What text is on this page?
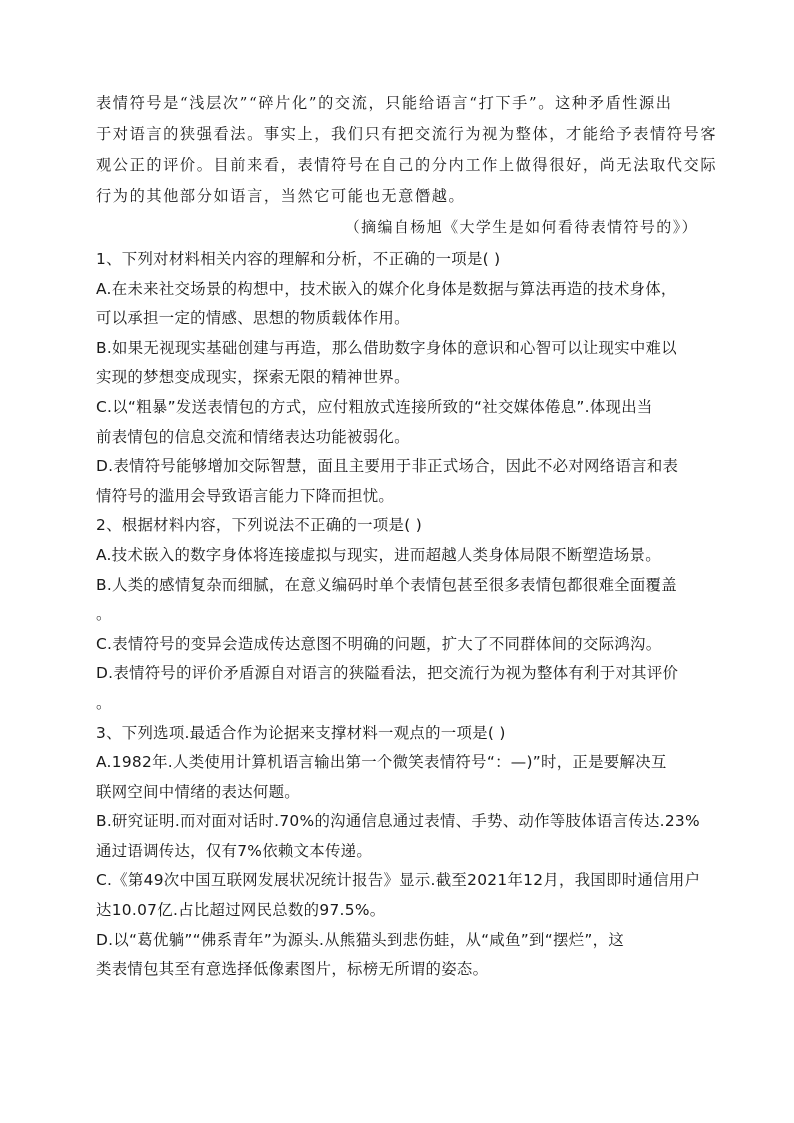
表情符号是“浅层次”“碎片化”的交流，只能给语言“打下手”。这种矛盾性源出
于对语言的狭强看法。事实上，我们只有把交流行为视为整体，才能给予表情符号客
观公正的评价。目前来看，表情符号在自己的分内工作上做得很好，尚无法取代交际
行为的其他部分如语言，当然它可能也无意僭越。
（摘编自杨旭《大学生是如何看待表情符号的》）
1、下列对材料相关内容的理解和分析，不正确的一项是( )
A.在未来社交场景的构想中，技术嵌入的媒介化身体是数据与算法再造的技术身体，
可以承担一定的情感、思想的物质载体作用。
B.如果无视现实基础创建与再造，那么借助数字身体的意识和心智可以让现实中难以
实现的梦想变成现实，探索无限的精神世界。
C.以“粗暴”发送表情包的方式，应付粗放式连接所致的“社交媒体倦息”.体现出当
前表情包的信息交流和情绪表达功能被弱化。
D.表情符号能够增加交际智慧，面且主要用于非正式场合，因此不必对网络语言和表
情符号的滥用会导致语言能力下降而担忧。
2、根据材料内容，下列说法不正确的一项是( )
A.技术嵌入的数字身体将连接虚拟与现实，进而超越人类身体局限不断塑造场景。
B.人类的感情复杂而细腻，在意义编码时单个表情包甚至很多表情包都很难全面覆盖
。
C.表情符号的变异会造成传达意图不明确的问题，扩大了不同群体间的交际鸿沟。
D.表情符号的评价矛盾源自对语言的狭隘看法，把交流行为视为整体有利于对其评价
。
3、下列选项.最适合作为论据来支撑材料一观点的一项是( )
A.1982年.人类使用计算机语言输出第一个微笑表情符号“：—)”时，正是要解决互
联网空间中情绪的表达何题。
B.研究证明.而对面对话时.70%的沟通信息通过表情、手势、动作等肢体语言传达.23%
通过语调传达，仅有7%依赖文本传递。
C.《第49次中国互联网发展状况统计报告》显示.截至2021年12月，我国即时通信用户
达10.07亿.占比超过网民总数的97.5%。
D.以“葛优躺”“佛系青年”为源头.从熊猫头到悲伤蛙，从“咸鱼”到“摆烂”，这
类表情包其至有意选择低像素图片，标榜无所谓的姿态。
